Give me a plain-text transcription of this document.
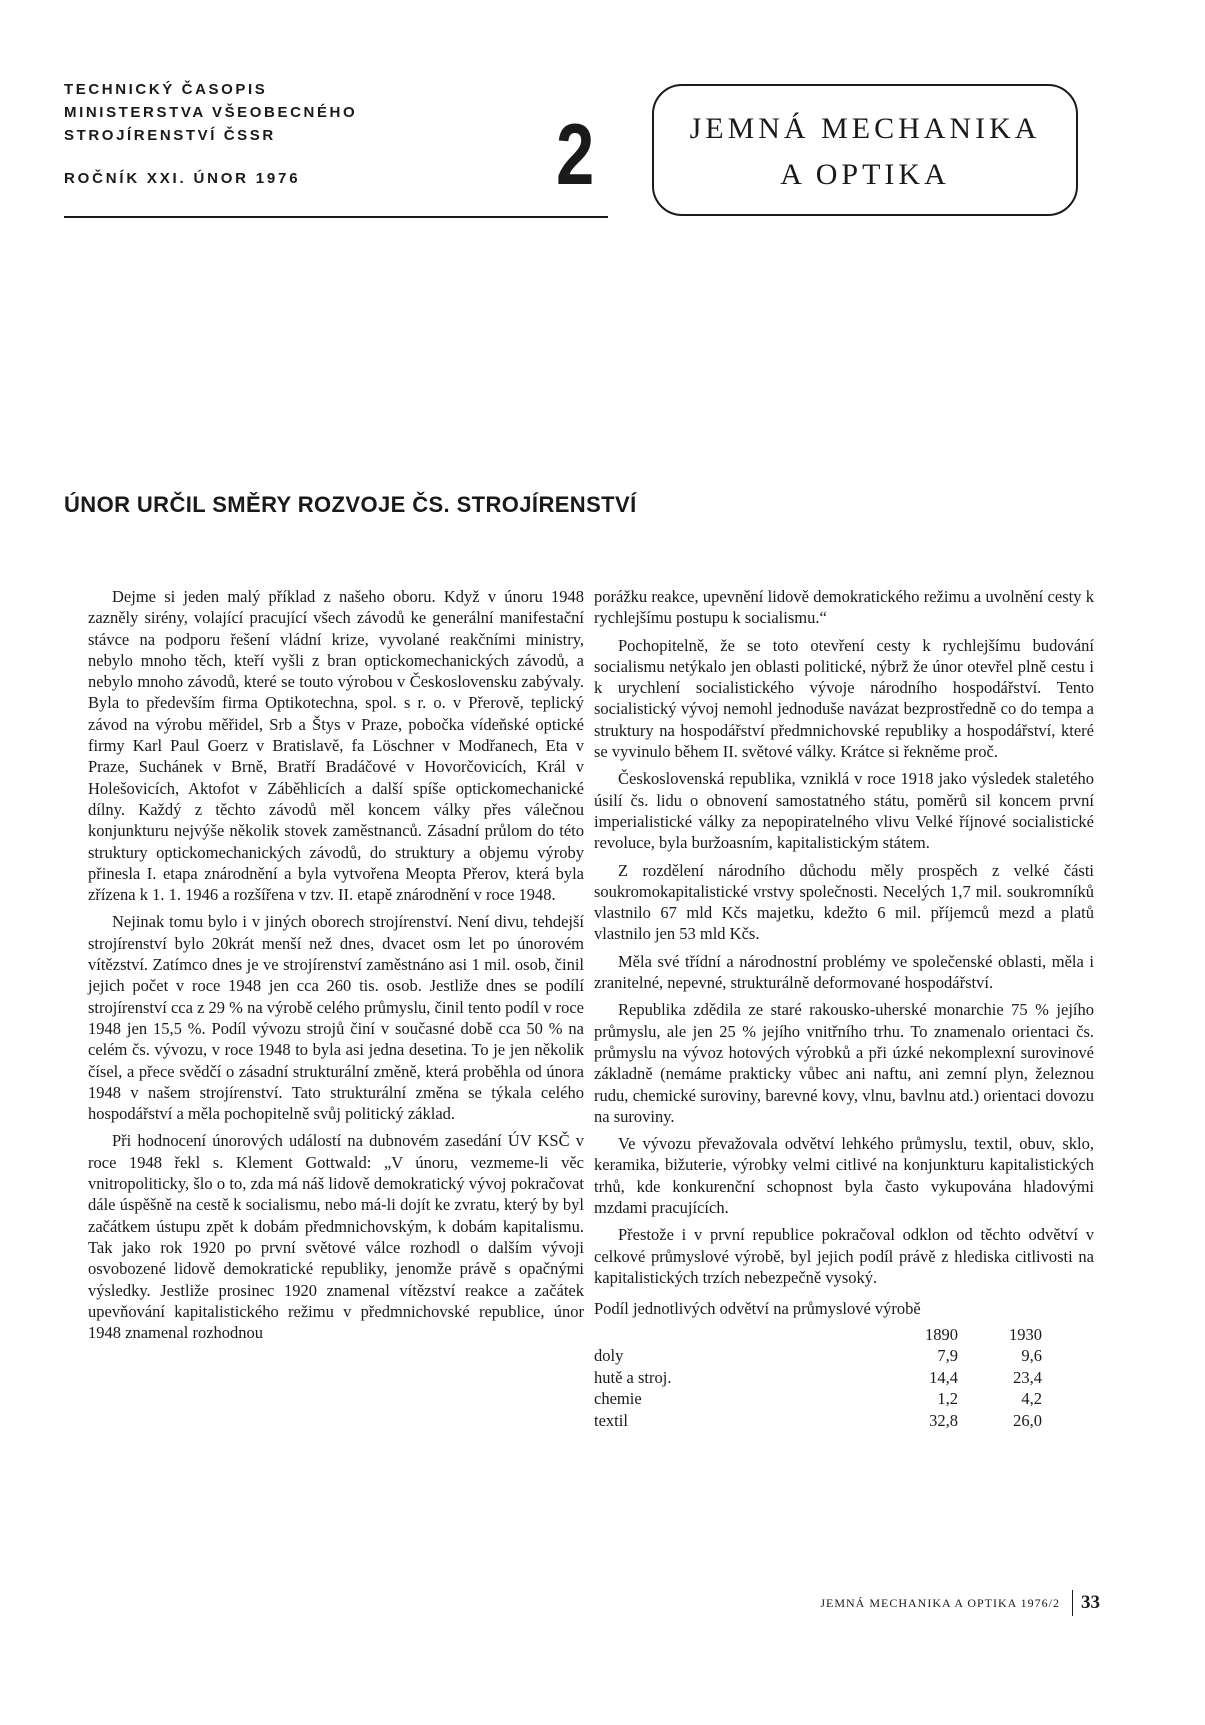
TECHNICKÝ ČASOPIS
MINISTERSTVA VŠEOBECNÉHO
STROJÍRENSTVÍ ČSSR
ROČNÍK XXI. ÚNOR 1976	2	JEMNÁ MECHANIKA
A OPTIKA
ÚNOR URČIL SMĚRY ROZVOJE ČS. STROJÍRENSTVÍ

Dejme si jeden malý příklad z našeho oboru. Když v únoru 1948 zazněly sirény, volající pracující všech závodů ke generální manifestační stávce na podporu řešení vládní krize, vyvolané reakčními ministry, nebylo mnoho těch, kteří vyšli z bran optickomechanických závodů, a nebylo mnoho závodů, které se touto výrobou v Československu zabývaly. Byla to především firma Optikotechna, spol. s r. o. v Přerově, teplický závod na výrobu měřidel, Srb a Štys v Praze, pobočka vídeňské optické firmy Karl Paul Goerz v Bratislavě, fa Löschner v Modřanech, Eta v Praze, Suchánek v Brně, Bratří Bradáčové v Hovorčovicích, Král v Holešovicích, Aktofot v Záběhlicích a další spíše optickomechanické dílny. Každý z těchto závodů měl koncem války přes válečnou konjunkturu nejvýše několik stovek zaměstnanců. Zásadní průlom do této struktury optickomechanických závodů, do struktury a objemu výroby přinesla I. etapa znárodnění a byla vytvořena Meopta Přerov, která byla zřízena k 1. 1. 1946 a rozšířena v tzv. II. etapě znárodnění v roce 1948.

Nejinak tomu bylo i v jiných oborech strojírenství. Není divu, tehdejší strojírenství bylo 20krát menší než dnes, dvacet osm let po únorovém vítězství. Zatímco dnes je ve strojírenství zaměstnáno asi 1 mil. osob, činil jejich počet v roce 1948 jen cca 260 tis. osob. Jestliže dnes se podílí strojírenství cca z 29 % na výrobě celého průmyslu, činil tento podíl v roce 1948 jen 15,5 %. Podíl vývozu strojů činí v současné době cca 50 % na celém čs. vývozu, v roce 1948 to byla asi jedna desetina. To je jen několik čísel, a přece svědčí o zásadní strukturální změně, která proběhla od února 1948 v našem strojírenství. Tato strukturální změna se týkala celého hospodářství a měla pochopitelně svůj politický základ.

Při hodnocení únorových událostí na dubnovém zasedání ÚV KSČ v roce 1948 řekl s. Klement Gottwald: „V únoru, vezmeme-li věc vnitropoliticky, šlo o to, zda má náš lidově demokratický vývoj pokračovat dále úspěšně na cestě k socialismu, nebo má-li dojít ke zvratu, který by byl začátkem ústupu zpět k dobám předmnichovským, k dobám kapitalismu. Tak jako rok 1920 po první světové válce rozhodl o dalším vývoji osvobozené lidově demokratické republiky, jenomže právě s opačnými výsledky. Jestliže prosinec 1920 znamenal vítězství reakce a začátek upevňování kapitalistického režimu v předmnichovské republice, únor 1948 znamenal rozhodnou

porážku reakce, upevnění lidově demokratického režimu a uvolnění cesty k rychlejšímu postupu k socialismu.“

Pochopitelně, že se toto otevření cesty k rychlejšímu budování socialismu netýkalo jen oblasti politické, nýbrž že únor otevřel plně cestu i k urychlení socialistického vývoje národního hospodářství. Tento socialistický vývoj nemohl jednoduše navázat bezprostředně co do tempa a struktury na hospodářství předmnichovské republiky a hospodářství, které se vyvinulo během II. světové války. Krátce si řekněme proč.

Československá republika, vzniklá v roce 1918 jako výsledek staletého úsilí čs. lidu o obnovení samostatného státu, poměrů sil koncem první imperialistické války za nepopiratelného vlivu Velké říjnové socialistické revoluce, byla buržoasním, kapitalistickým státem.

Z rozdělení národního důchodu měly prospěch z velké části soukromokapitalistické vrstvy společnosti. Necelých 1,7 mil. soukromníků vlastnilo 67 mld Kčs majetku, kdežto 6 mil. příjemců mezd a platů vlastnilo jen 53 mld Kčs.

Měla své třídní a národnostní problémy ve společenské oblasti, měla i zranitelné, nepevné, strukturálně deformované hospodářství.

Republika zdědila ze staré rakousko-uherské monarchie 75 % jejího průmyslu, ale jen 25 % jejího vnitřního trhu. To znamenalo orientaci čs. průmyslu na vývoz hotových výrobků a při úzké nekomplexní surovinové základně (nemáme prakticky vůbec ani naftu, ani zemní plyn, železnou rudu, chemické suroviny, barevné kovy, vlnu, bavlnu atd.) orientaci dovozu na suroviny.

Ve vývozu převažovala odvětví lehkého průmyslu, textil, obuv, sklo, keramika, bižuterie, výrobky velmi citlivé na konjunkturu kapitalistických trhů, kde konkurenční schopnost byla často vykupována hladovými mzdami pracujících.

Přestože i v první republice pokračoval odklon od těchto odvětví v celkové průmyslové výrobě, byl jejich podíl právě z hlediska citlivosti na kapitalistických trzích nebezpečně vysoký.

Podíl jednotlivých odvětví na průmyslové výrobě
	1890	1930
doly	7,9	9,6
hutě a stroj.	14,4	23,4
chemie	1,2	4,2
textil	32,8	26,0
JEMNÁ MECHANIKA A OPTIKA 1976/2 33
